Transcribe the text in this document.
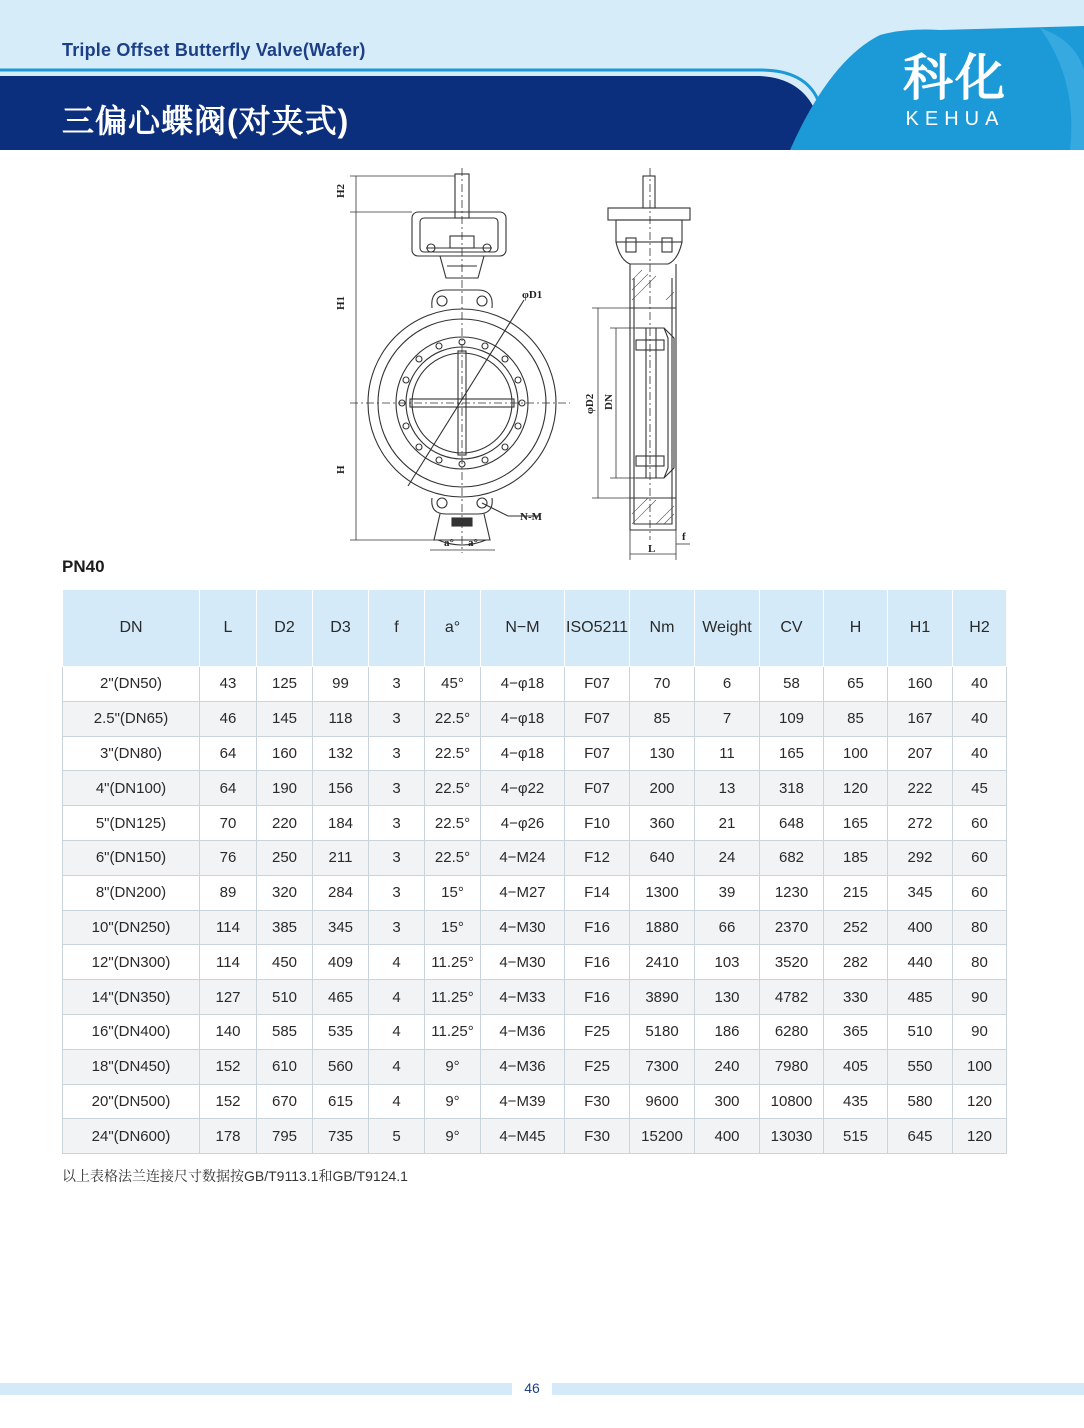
Triple Offset Butterfly Valve(Wafer)
三偏心蝶阀(对夹式)
科化
KEHUA
H2
H1
H
φD1
N-M
a° a°
φD2 DN
L
f
PN40
DN	L	D2	D3	f	a°	N−M	ISO5211	Nm	Weight	CV	H	H1	H2
2"(DN50)	43	125	99	3	45°	4−φ18	F07	70	6	58	65	160	40
2.5"(DN65)	46	145	118	3	22.5°	4−φ18	F07	85	7	109	85	167	40
3"(DN80)	64	160	132	3	22.5°	4−φ18	F07	130	11	165	100	207	40
4"(DN100)	64	190	156	3	22.5°	4−φ22	F07	200	13	318	120	222	45
5"(DN125)	70	220	184	3	22.5°	4−φ26	F10	360	21	648	165	272	60
6"(DN150)	76	250	211	3	22.5°	4−M24	F12	640	24	682	185	292	60
8"(DN200)	89	320	284	3	15°	4−M27	F14	1300	39	1230	215	345	60
10"(DN250)	114	385	345	3	15°	4−M30	F16	1880	66	2370	252	400	80
12"(DN300)	114	450	409	4	11.25°	4−M30	F16	2410	103	3520	282	440	80
14"(DN350)	127	510	465	4	11.25°	4−M33	F16	3890	130	4782	330	485	90
16"(DN400)	140	585	535	4	11.25°	4−M36	F25	5180	186	6280	365	510	90
18"(DN450)	152	610	560	4	9°	4−M36	F25	7300	240	7980	405	550	100
20"(DN500)	152	670	615	4	9°	4−M39	F30	9600	300	10800	435	580	120
24"(DN600)	178	795	735	5	9°	4−M45	F30	15200	400	13030	515	645	120
以上表格法兰连接尺寸数据按GB/T9113.1和GB/T9124.1
46
